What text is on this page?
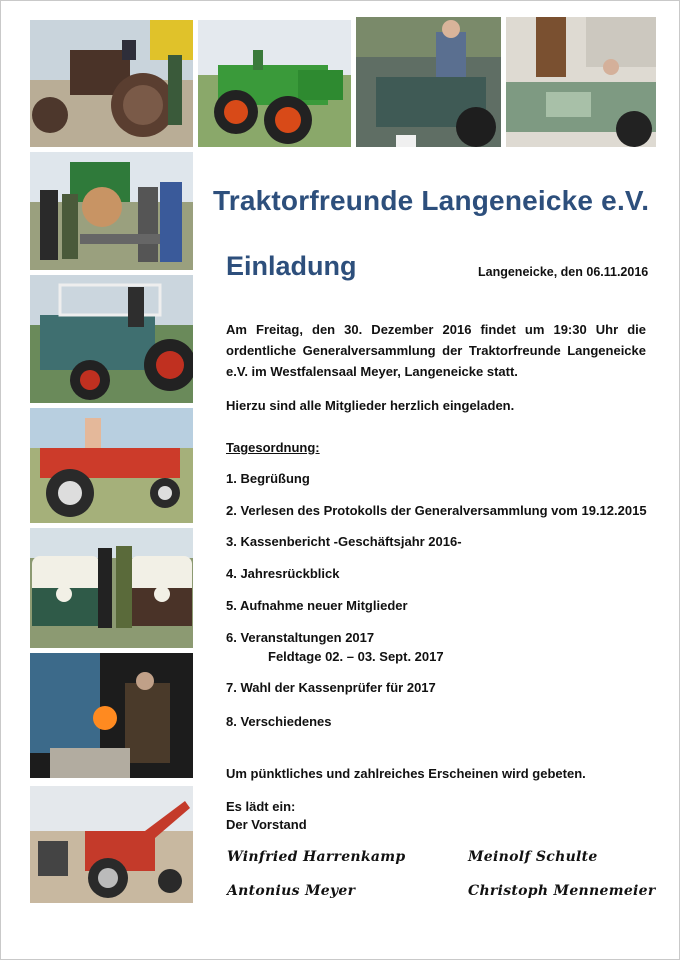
Traktorfreunde Langeneicke e.V.
Einladung	Langeneicke, den 06.11.2016
Am Freitag, den 30. Dezember 2016 findet um 19:30 Uhr die ordentliche Generalversammlung der Traktorfreunde Langeneicke e.V. im Westfalensaal Meyer, Langeneicke statt.
Hierzu sind alle Mitglieder herzlich eingeladen.
Tagesordnung:
1. Begrüßung
2. Verlesen des Protokolls der Generalversammlung vom 19.12.2015
3. Kassenbericht -Geschäftsjahr 2016-
4. Jahresrückblick
5. Aufnahme neuer Mitglieder
6. Veranstaltungen 2017
Feldtage 02. – 03. Sept. 2017
7. Wahl der Kassenprüfer für 2017
8. Verschiedenes
Um pünktliches und zahlreiches Erscheinen wird gebeten.
Es lädt ein:
Der Vorstand
Winfried Harrenkamp	Meinolf Schulte
Antonius Meyer	Christoph Mennemeier
